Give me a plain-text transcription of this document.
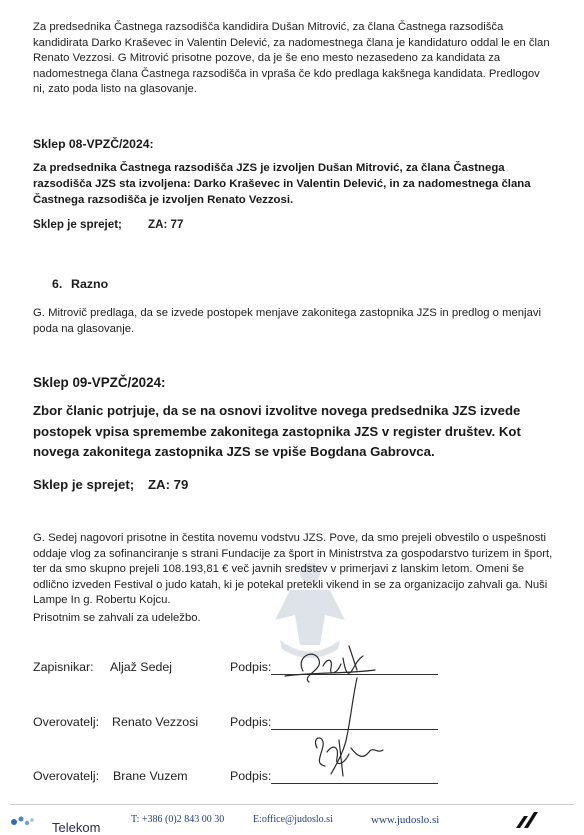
Za predsednika Častnega razsodišča kandidira Dušan Mitrović, za člana Častnega razsodišča kandidirata Darko Kraševec in Valentin Delević, za nadomestnega člana je kandidaturo oddal le en član Renato Vezzosi. G Mitrović prisotne pozove, da je še eno mesto nezasedeno za kandidata za nadomestnega člana Častnega razsodišča in vpraša če kdo predlaga kakšnega kandidata. Predlogov ni, zato poda listo na glasovanje.

Sklep 08-VPZČ/2024:

Za predsednika Častnega razsodišča JZS je izvoljen Dušan Mitrović, za člana Častnega razsodišča JZS sta izvoljena: Darko Kraševec in Valentin Delević, in za nadomestnega člana Častnega razsodišča je izvoljen Renato Vezzosi.

Sklep je sprejet; ZA: 77
6. Razno

G. Mitrovič predlaga, da se izvede postopek menjave zakonitega zastopnika JZS in predlog o menjavi poda na glasovanje.

Sklep 09-VPZČ/2024:

Zbor članic potrjuje, da se na osnovi izvolitve novega predsednika JZS izvede postopek vpisa spremembe zakonitega zastopnika JZS v register društev. Kot novega zakonitega zastopnika JZS se vpiše Bogdana Gabrovca.

Sklep je sprejet; ZA: 79

G. Sedej nagovori prisotne in čestita novemu vodstvu JZS. Pove, da smo prejeli obvestilo o uspešnosti oddaje vlog za sofinanciranje s strani Fundacije za šport in Ministrstva za gospodarstvo turizem in šport, ter da smo skupno prejeli 108.193,81 € več javnih sredstev v primerjavi z lanskim letom. Omeni še odlično izveden Festival o judo katah, ki je potekal pretekli vikend in se za organizacijo zahvali ga. Nuši Lampe In g. Robertu Kojcu.

Prisotnim se zahvali za udeležbo.

Zapisnikar: Aljaž Sedej	Podpis:
Overovatelj: Renato Vezzosi	Podpis:
Overovatelj: Brane Vuzem	Podpis:
Telekom
T: +386 (0)2 843 00 30	E:office@judoslo.si	www.judoslo.si
